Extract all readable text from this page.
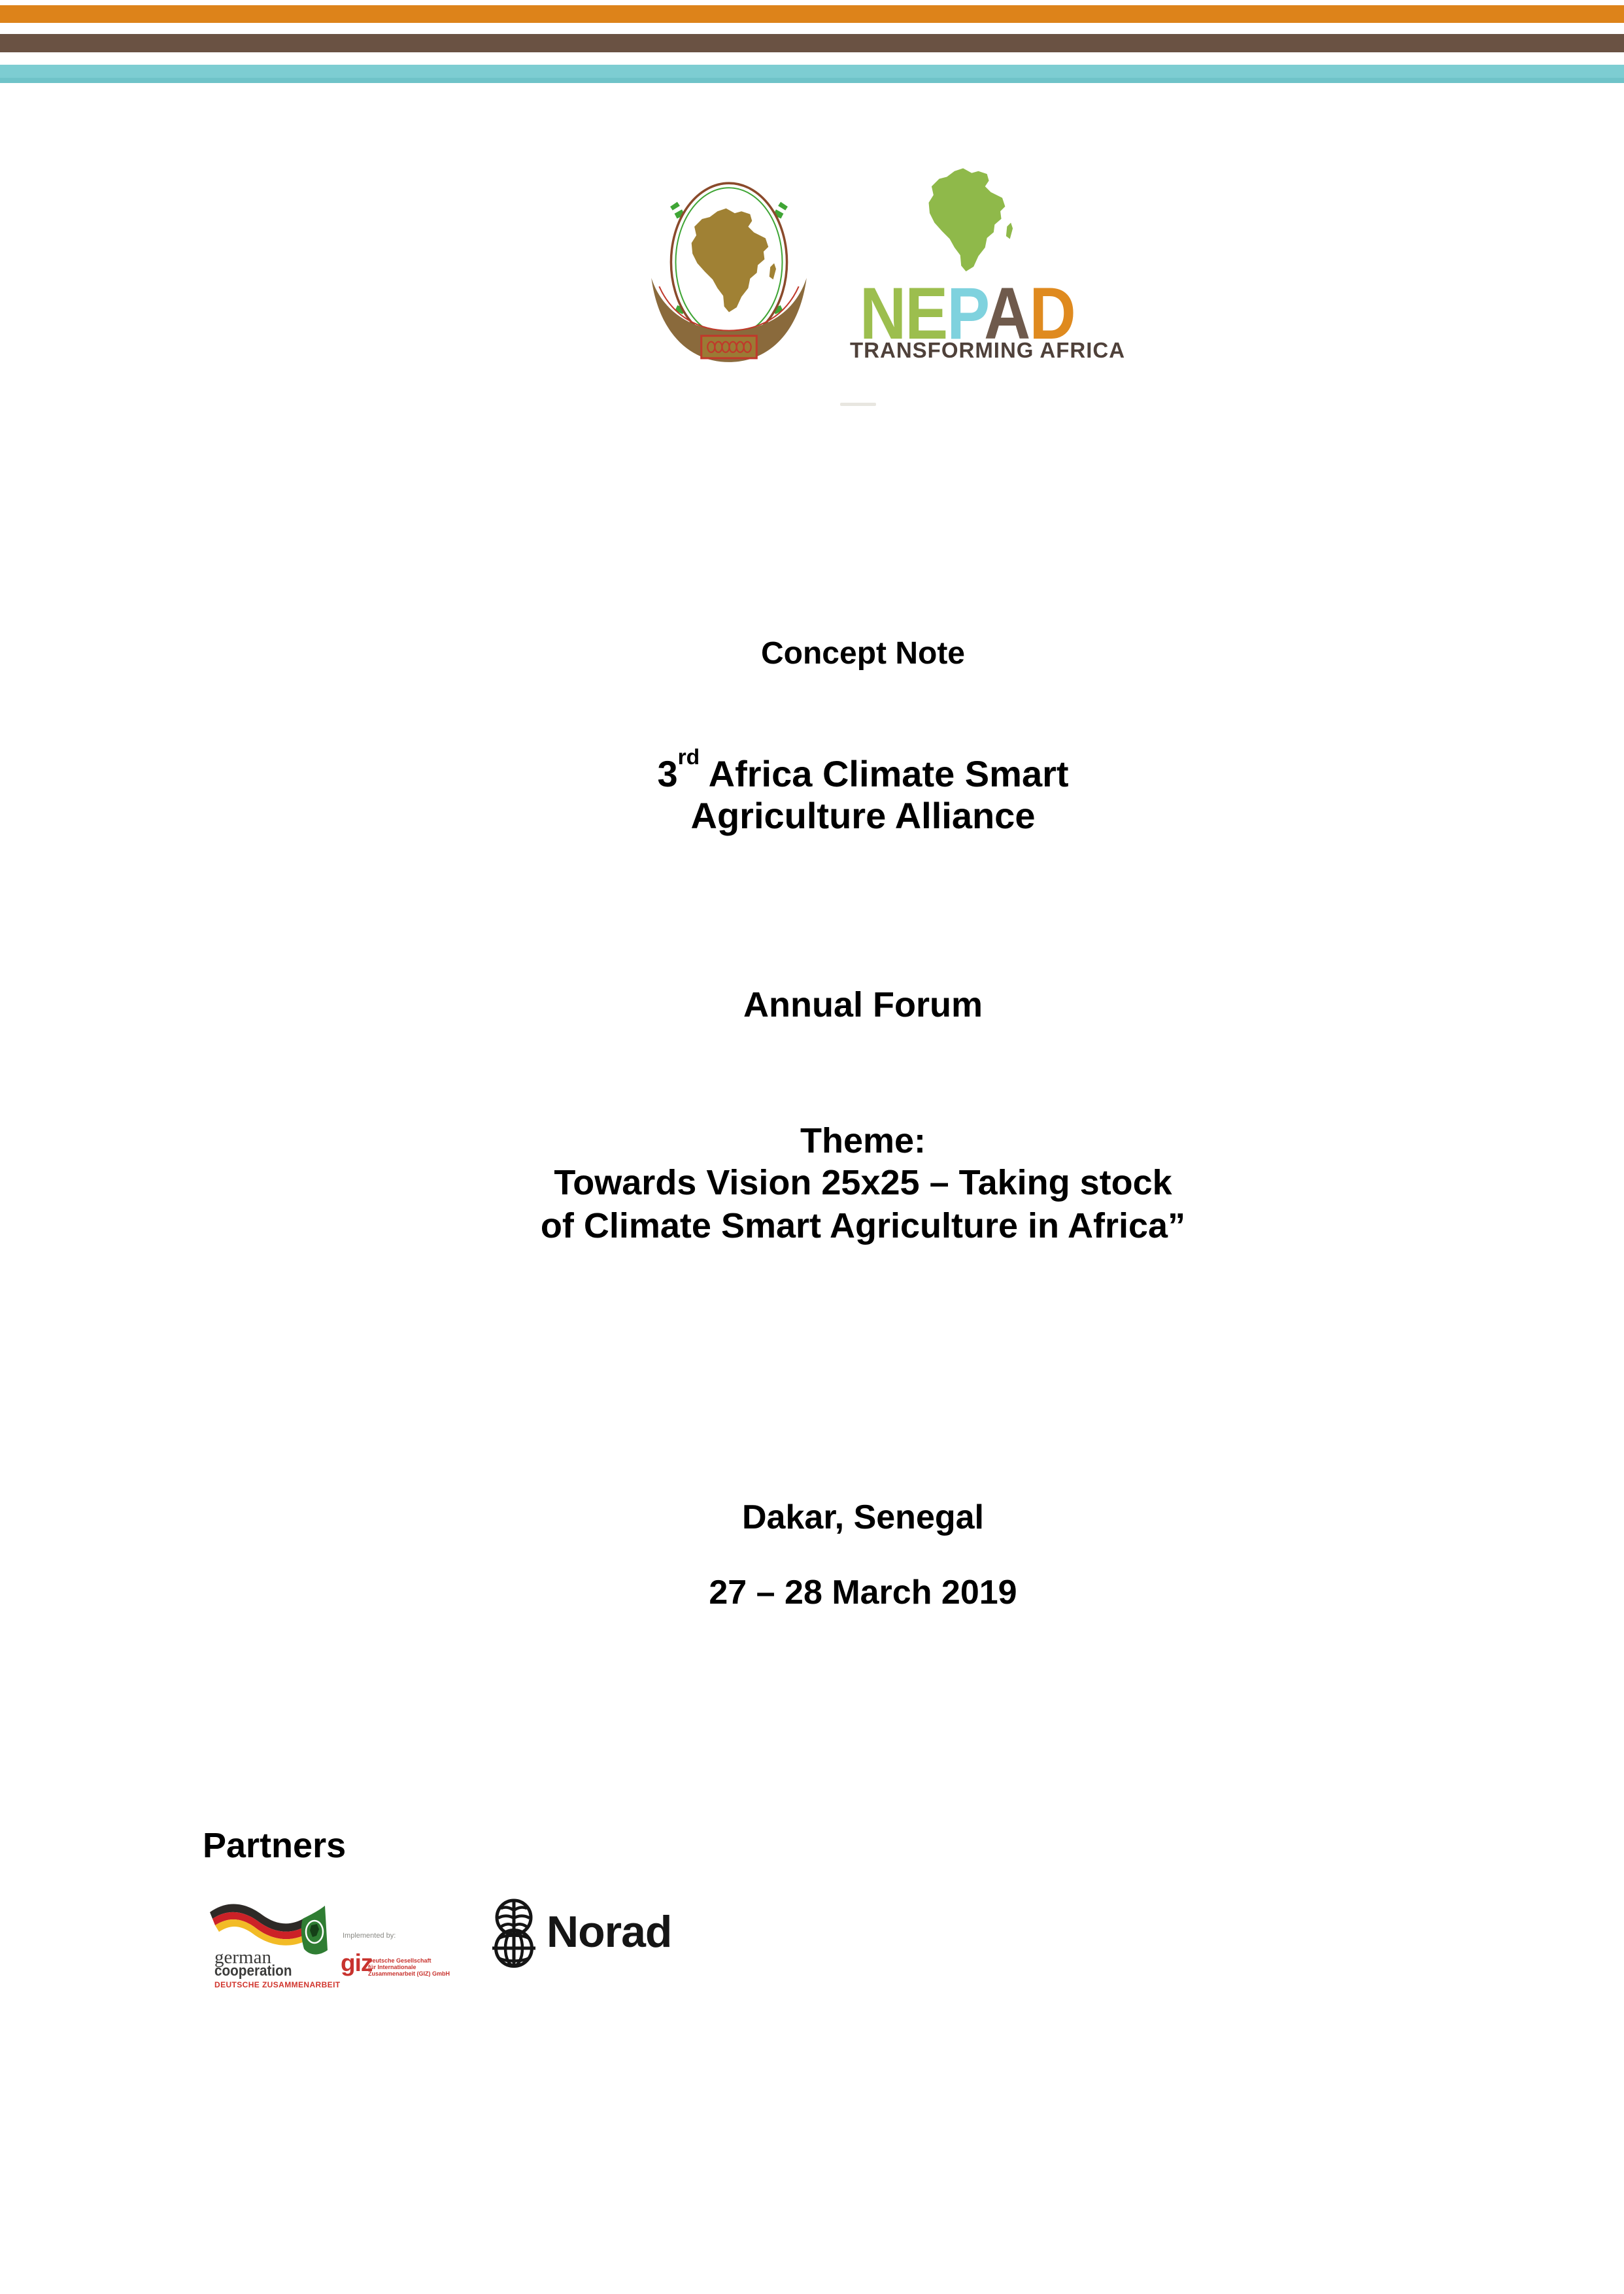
NEPAD
TRANSFORMING AFRICA
Concept Note
3rd Africa Climate Smart
Agriculture Alliance
Annual Forum
Theme:
Towards Vision 25x25 – Taking stock
of Climate Smart Agriculture in Africa”
Dakar, Senegal
27 – 28 March 2019
Partners
german
cooperation
DEUTSCHE ZUSAMMENARBEIT
Implemented by:
giz
Deutsche Gesellschaft
für Internationale
Zusammenarbeit (GIZ) GmbH
Norad
